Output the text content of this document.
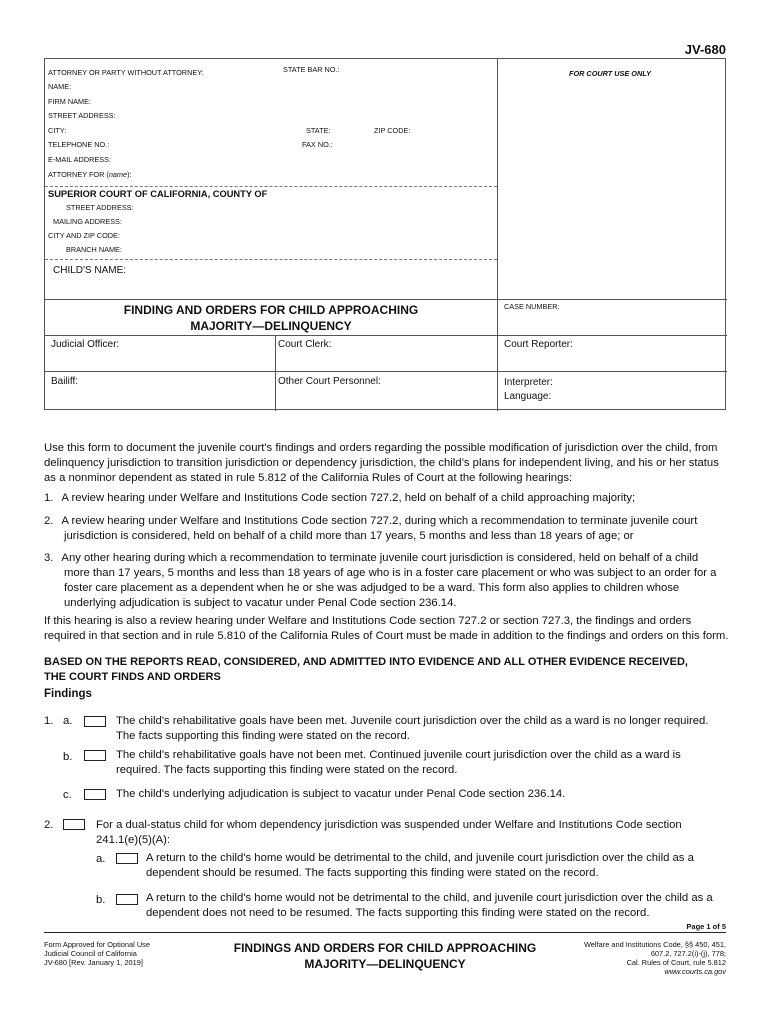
JV-680
ATTORNEY OR PARTY WITHOUT ATTORNEY:	STATE BAR NO.:	FOR COURT USE ONLY
NAME:
FIRM NAME:
STREET ADDRESS:
CITY:	STATE:	ZIP CODE:
TELEPHONE NO.:	FAX NO.:
E-MAIL ADDRESS:
ATTORNEY FOR (name):
SUPERIOR COURT OF CALIFORNIA, COUNTY OF
STREET ADDRESS:
MAILING ADDRESS:
CITY AND ZIP CODE:
BRANCH NAME:
CHILD'S NAME:
FINDING AND ORDERS FOR CHILD APPROACHING
MAJORITY—DELINQUENCY
CASE NUMBER:
Judicial Officer:	Court Clerk:	Court Reporter:
Bailiff:	Other Court Personnel:	Interpreter:
Language:
Use this form to document the juvenile court's findings and orders regarding the possible modification of jurisdiction over the child, from
delinquency jurisdiction to transition jurisdiction or dependency jurisdiction, the child’s plans for independent living, and his or her status
as a nonminor dependent as stated in rule 5.812 of the California Rules of Court at the following hearings:
1. A review hearing under Welfare and Institutions Code section 727.2, held on behalf of a child approaching majority;
2. A review hearing under Welfare and Institutions Code section 727.2, during which a recommendation to terminate juvenile court
jurisdiction is considered, held on behalf of a child more than 17 years, 5 months and less than 18 years of age; or
3. Any other hearing during which a recommendation to terminate juvenile court jurisdiction is considered, held on behalf of a child
more than 17 years, 5 months and less than 18 years of age who is in a foster care placement or who was subject to an order for a
foster care placement as a dependent when he or she was adjudged to be a ward. This form also applies to children whose
underlying adjudication is subject to vacatur under Penal Code section 236.14.
If this hearing is also a review hearing under Welfare and Institutions Code section 727.2 or section 727.3, the findings and orders
required in that section and in rule 5.810 of the California Rules of Court must be made in addition to the findings and orders on this form.
BASED ON THE REPORTS READ, CONSIDERED, AND ADMITTED INTO EVIDENCE AND ALL OTHER EVIDENCE RECEIVED,
THE COURT FINDS AND ORDERS
Findings
1. a.	The child's rehabilitative goals have been met. Juvenile court jurisdiction over the child as a ward is no longer required.
The facts supporting this finding were stated on the record.
b.	The child's rehabilitative goals have not been met. Continued juvenile court jurisdiction over the child as a ward is
required. The facts supporting this finding were stated on the record.
c.	The child's underlying adjudication is subject to vacatur under Penal Code section 236.14.
2.	For a dual-status child for whom dependency jurisdiction was suspended under Welfare and Institutions Code section
241.1(e)(5)(A):
a.	A return to the child's home would be detrimental to the child, and juvenile court jurisdiction over the child as a
dependent should be resumed. The facts supporting this finding were stated on the record.
b.	A return to the child's home would not be detrimental to the child, and juvenile court jurisdiction over the child as a
dependent does not need to be resumed. The facts supporting this finding were stated on the record.
Page 1 of 5
Form Approved for Optional Use
Judicial Council of California
JV-680 [Rev. January 1, 2019]
FINDINGS AND ORDERS FOR CHILD APPROACHING
MAJORITY—DELINQUENCY
Welfare and Institutions Code, §§ 450, 451,
607.2, 727.2(i)-(j), 778;
Cal. Rules of Court, rule 5.812
www.courts.ca.gov
